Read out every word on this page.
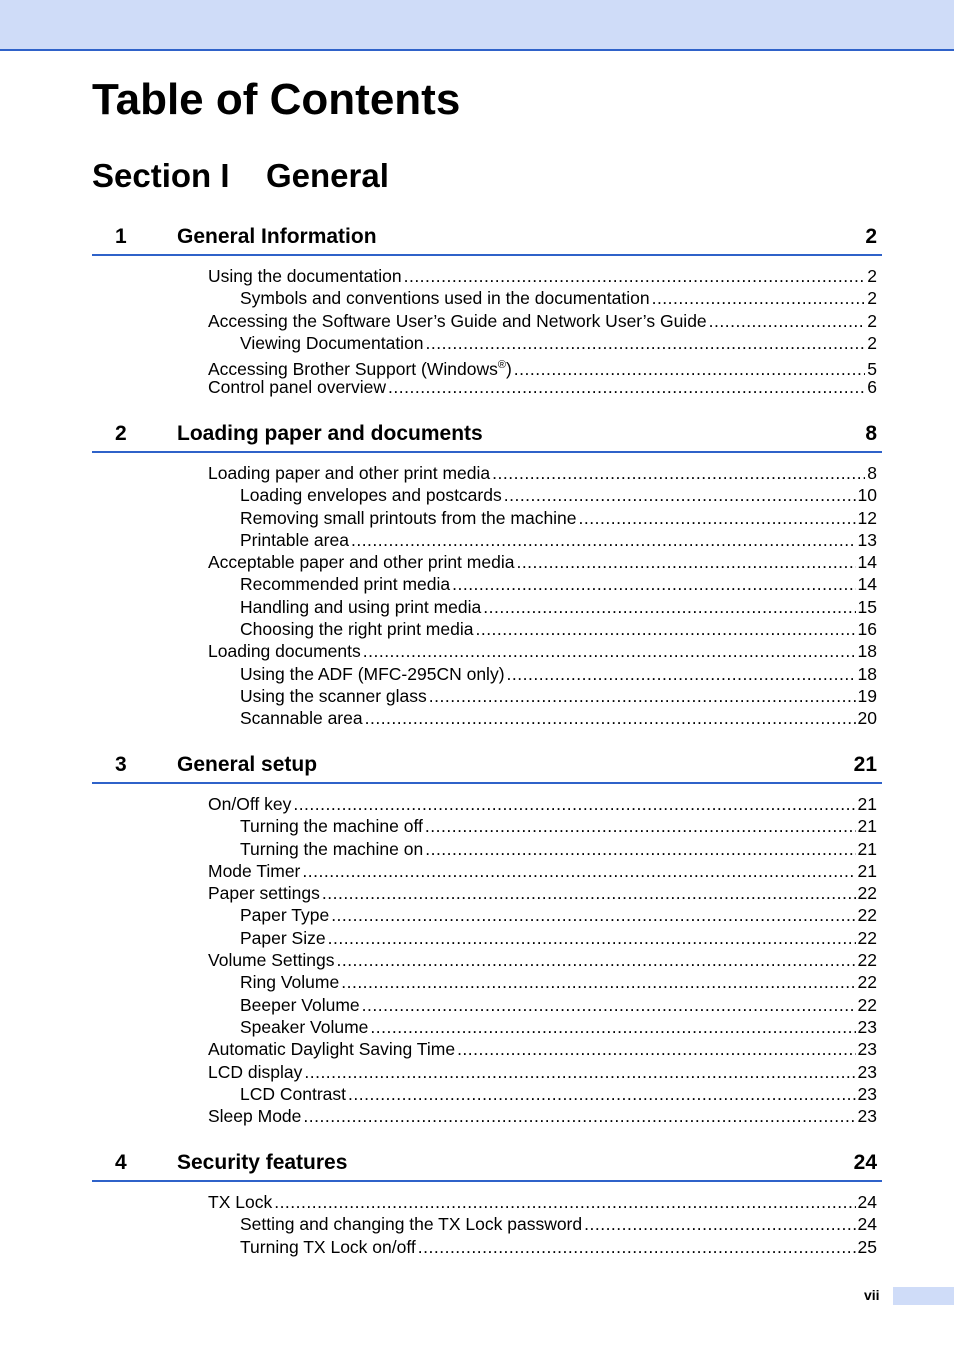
Table of Contents
Section I General
1 General Information	2
Using the documentation .....	2
Symbols and conventions used in the documentation .....	2
Accessing the Software User’s Guide and Network User’s Guide .....	2
Viewing Documentation .....	2
Accessing Brother Support (Windows®) .....	5
Control panel overview .....	6
2 Loading paper and documents	8
Loading paper and other print media .....	8
Loading envelopes and postcards .....	10
Removing small printouts from the machine .....	12
Printable area .....	13
Acceptable paper and other print media .....	14
Recommended print media .....	14
Handling and using print media .....	15
Choosing the right print media .....	16
Loading documents .....	18
Using the ADF (MFC-295CN only) .....	18
Using the scanner glass .....	19
Scannable area .....	20
3 General setup	21
On/Off key .....	21
Turning the machine off .....	21
Turning the machine on .....	21
Mode Timer .....	21
Paper settings .....	22
Paper Type .....	22
Paper Size .....	22
Volume Settings .....	22
Ring Volume .....	22
Beeper Volume .....	22
Speaker Volume .....	23
Automatic Daylight Saving Time .....	23
LCD display .....	23
LCD Contrast .....	23
Sleep Mode .....	23
4 Security features	24
TX Lock .....	24
Setting and changing the TX Lock password .....	24
Turning TX Lock on/off .....	25
vii
